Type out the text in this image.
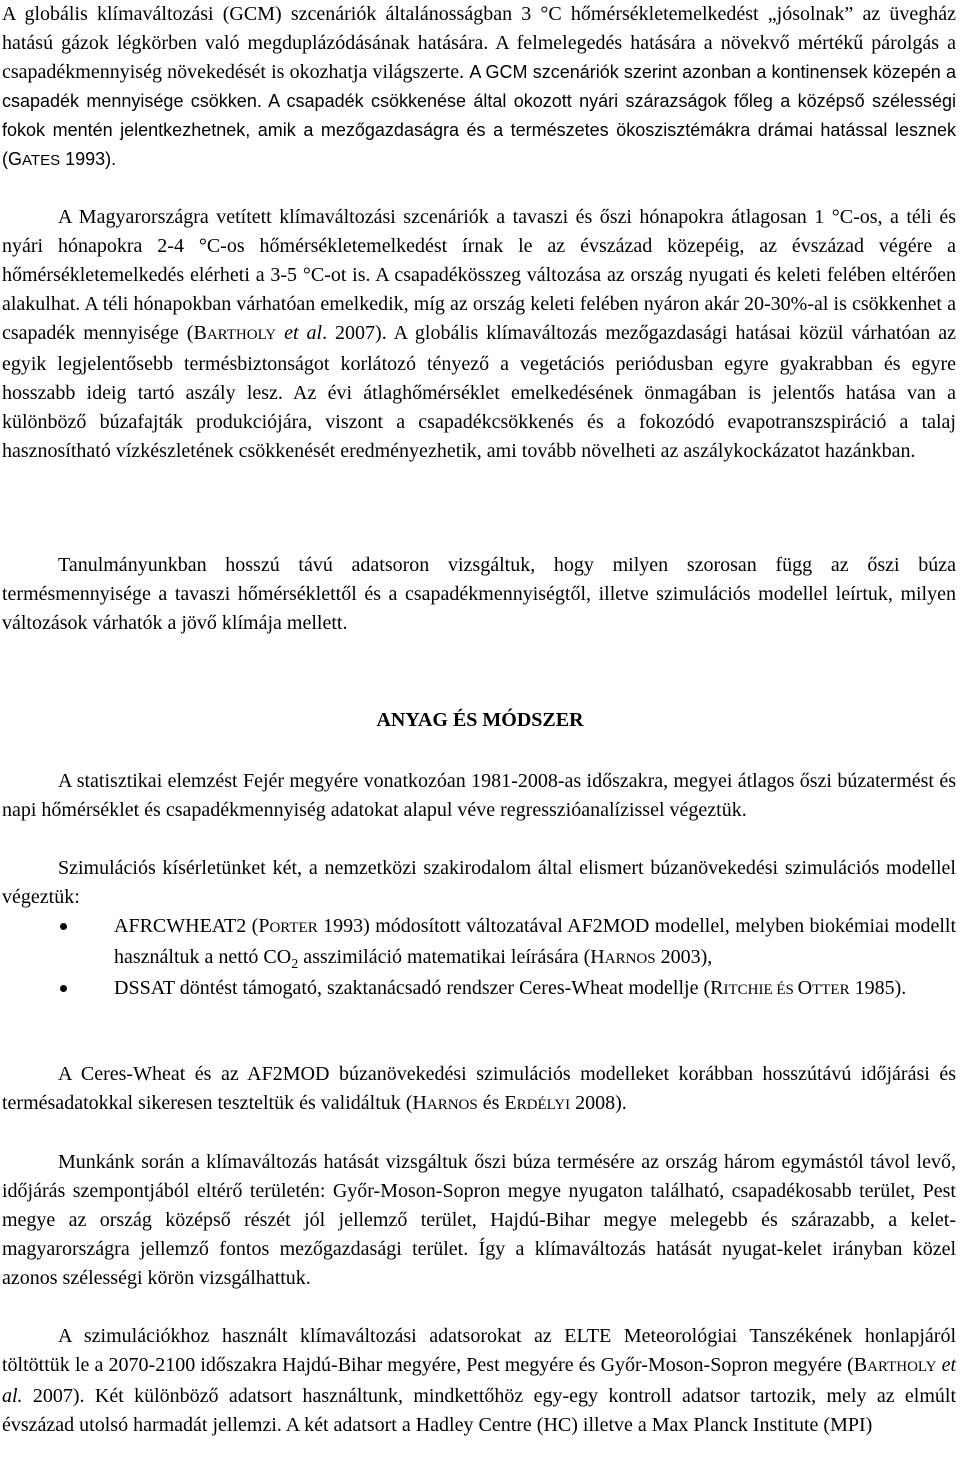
A globális klímaváltozási (GCM) szcenáriók általánosságban 3 °C hőmérsékletemelkedést „jósolnak” az üvegház hatású gázok légkörben való megduplázódásának hatására. A felmelegedés hatására a növekvő mértékű párolgás a csapadékmennyiség növekedését is okozhatja világszerte. A GCM szcenáriók szerint azonban a kontinensek közepén a csapadék mennyisége csökken. A csapadék csökkenése által okozott nyári szárazságok főleg a középső szélességi fokok mentén jelentkezhetnek, amik a mezőgazdaságra és a természetes ökoszisztémákra drámai hatással lesznek (GATES 1993).

A Magyarországra vetített klímaváltozási szcenáriók a tavaszi és őszi hónapokra átlagosan 1 °C-os, a téli és nyári hónapokra 2-4 °C-os hőmérsékletemelkedést írnak le az évszázad közepéig, az évszázad végére a hőmérsékletemelkedés elérheti a 3-5 °C-ot is. A csapadékösszeg változása az ország nyugati és keleti felében eltérően alakulhat. A téli hónapokban várhatóan emelkedik, míg az ország keleti felében nyáron akár 20-30%-al is csökkenhet a csapadék mennyisége (BARTHOLY et al. 2007). A globális klímaváltozás mezőgazdasági hatásai közül várhatóan az egyik legjelentősebb termésbiztonságot korlátozó tényező a vegetációs periódusban egyre gyakrabban és egyre hosszabb ideig tartó aszály lesz. Az évi átlaghőmérséklet emelkedésének önmagában is jelentős hatása van a különböző búzafajták produkciójára, viszont a csapadékcsökkenés és a fokozódó evapotranszspiráció a talaj hasznosítható vízkészletének csökkenését eredményezhetik, ami tovább növelheti az aszálykockázatot hazánkban.

Tanulmányunkban hosszú távú adatsoron vizsgáltuk, hogy milyen szorosan függ az őszi búza termésmennyisége a tavaszi hőmérséklettől és a csapadékmennyiségtől, illetve szimulációs modellel leírtuk, milyen változások várhatók a jövő klímája mellett.

ANYAG ÉS MÓDSZER

A statisztikai elemzést Fejér megyére vonatkozóan 1981-2008-as időszakra, megyei átlagos őszi búzatermést és napi hőmérséklet és csapadékmennyiség adatokat alapul véve regresszióanalízissel végeztük.

Szimulációs kísérletünket két, a nemzetközi szakirodalom által elismert búzanövekedési szimulációs modellel végeztük:

AFRCWHEAT2 (PORTER 1993) módosított változatával AF2MOD modellel, melyben biokémiai modellt használtuk a nettó $CO_2$ asszimiláció matematikai leírására (HARNOS 2003),
DSSAT döntést támogató, szaktanácsadó rendszer Ceres-Wheat modellje (RITCHIE ÉS OTTER 1985).

A Ceres-Wheat és az AF2MOD búzanövekedési szimulációs modelleket korábban hosszútávú időjárási és termésadatokkal sikeresen teszteltük és validáltuk (HARNOS és ERDÉLYI 2008).

Munkánk során a klímaváltozás hatását vizsgáltuk őszi búza termésére az ország három egymástól távol levő, időjárás szempontjából eltérő területén: Győr-Moson-Sopron megye nyugaton található, csapadékosabb terület, Pest megye az ország középső részét jól jellemző terület, Hajdú-Bihar megye melegebb és szárazabb, a kelet-magyarországra jellemző fontos mezőgazdasági terület. Így a klímaváltozás hatását nyugat-kelet irányban közel azonos szélességi körön vizsgálhattuk.

A szimulációkhoz használt klímaváltozási adatsorokat az ELTE Meteorológiai Tanszékének honlapjáról töltöttük le a 2070-2100 időszakra Hajdú-Bihar megyére, Pest megyére és Győr-Moson-Sopron megyére (BARTHOLY et al. 2007). Két különböző adatsort használtunk, mindkettőhöz egy-egy kontroll adatsor tartozik, mely az elmúlt évszázad utolsó harmadát jellemzi. A két adatsort a Hadley Centre (HC) illetve a Max Planck Institute (MPI)
